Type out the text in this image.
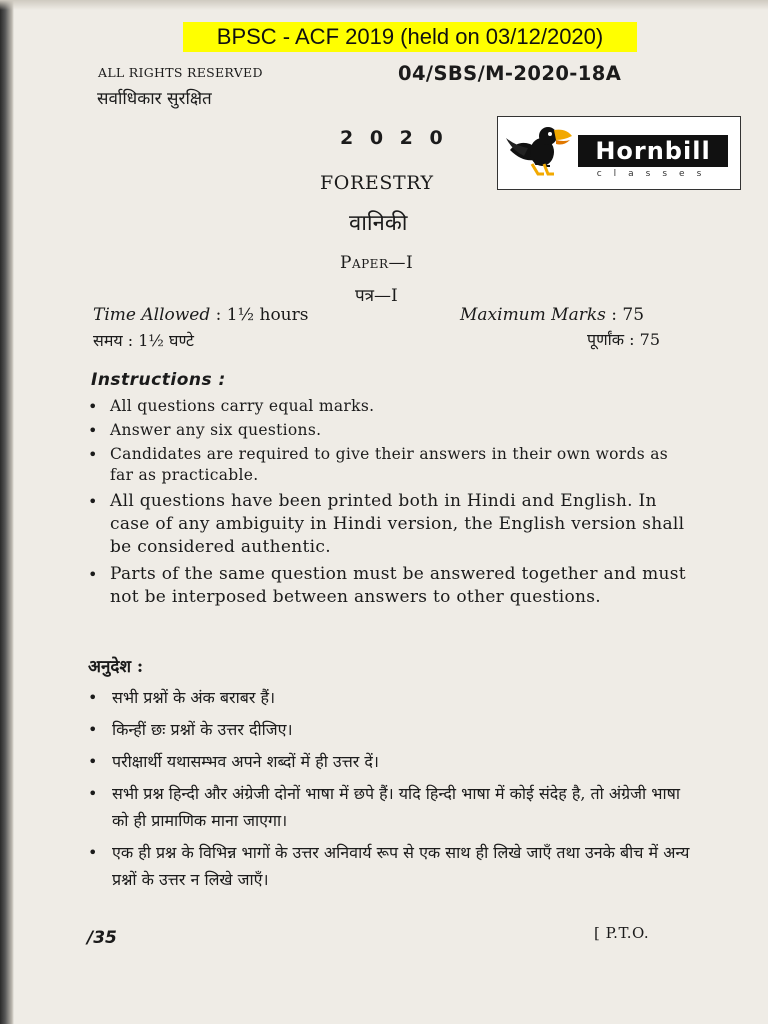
BPSC - ACF 2019 (held on 03/12/2020)
ALL RIGHTS RESERVED
सर्वाधिकार सुरक्षित
04/SBS/M-2020-18A
2 0 2 0	Hornbill
classes
FORESTRY
वानिकी
Paper—I
पत्र—I
Time Allowed : 1½ hours
समय : 1½ घण्टे
Maximum Marks : 75
पूर्णांक : 75
Instructions :
• All questions carry equal marks.
• Answer any six questions.
• Candidates are required to give their answers in their own words as far as practicable.
• All questions have been printed both in Hindi and English. In case of any ambiguity in Hindi version, the English version shall be considered authentic.
• Parts of the same question must be answered together and must not be interposed between answers to other questions.
अनुदेश :
• सभी प्रश्नों के अंक बराबर हैं।
• किन्हीं छः प्रश्नों के उत्तर दीजिए।
• परीक्षार्थी यथासम्भव अपने शब्दों में ही उत्तर दें।
• सभी प्रश्न हिन्दी और अंग्रेजी दोनों भाषा में छपे हैं। यदि हिन्दी भाषा में कोई संदेह है, तो अंग्रेजी भाषा को ही प्रामाणिक माना जाएगा।
• एक ही प्रश्न के विभिन्न भागों के उत्तर अनिवार्य रूप से एक साथ ही लिखे जाएँ तथा उनके बीच में अन्य प्रश्नों के उत्तर न लिखे जाएँ।
/35	[ P.T.O.
